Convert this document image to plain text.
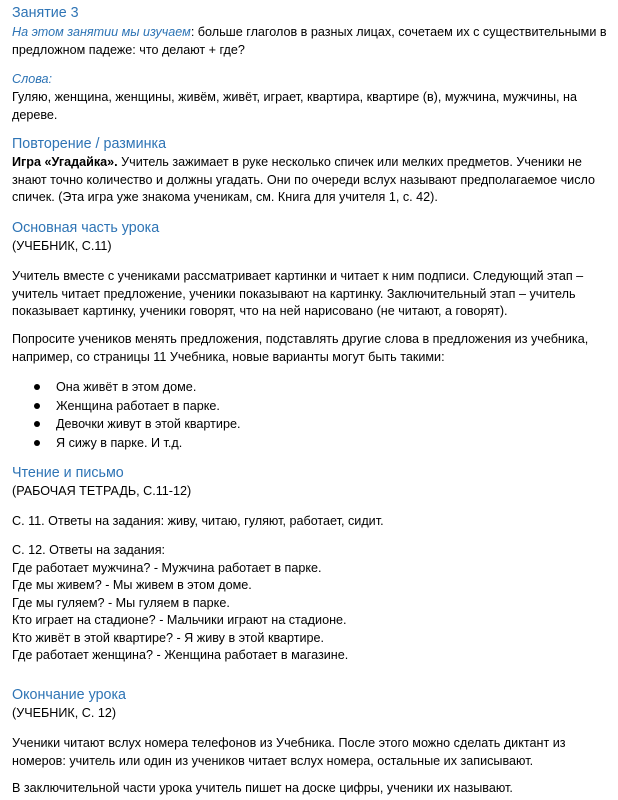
Занятие 3

На этом занятии мы изучаем: больше глаголов в разных лицах, сочетаем их с существительными в предложном падеже: что делают + где?

Слова:

Гуляю, женщина, женщины, живём, живёт, играет, квартира, квартире (в), мужчина, мужчины, на дереве.

Повторение / разминка

Игра «Угадайка». Учитель зажимает в руке несколько спичек или мелких предметов. Ученики не знают точно количество и должны угадать. Они по очереди вслух называют предполагаемое число спичек. (Эта игра уже знакома ученикам, см. Книга для учителя 1, с. 42).

Основная часть урока
(УЧЕБНИК, С.11)

Учитель вместе с учениками рассматривает картинки и читает к ним подписи. Следующий этап – учитель читает предложение, ученики показывают на картинку. Заключительный этап – учитель показывает картинку, ученики говорят, что на ней нарисовано (не читают, а говорят).

Попросите учеников менять предложения, подставлять другие слова в предложения из учебника, например, со страницы 11 Учебника, новые варианты могут быть такими:

Она живёт в этом доме.
Женщина работает в парке.
Девочки живут в этой квартире.
Я сижу в парке. И т.д.
Чтение и письмо
(РАБОЧАЯ ТЕТРАДЬ, С.11-12)

С. 11. Ответы на задания: живу, читаю, гуляют, работает, сидит.

С. 12. Ответы на задания:
Где работает мужчина? - Мужчина работает в парке.
Где мы живем? - Мы живем в этом доме.
Где мы гуляем? - Мы гуляем в парке.
Кто играет на стадионе? - Мальчики играют на стадионе.
Кто живёт в этой квартире? - Я живу в этой квартире.
Где работает женщина? - Женщина работает в магазине.
Окончание урока
(УЧЕБНИК, С. 12)

Ученики читают вслух номера телефонов из Учебника. После этого можно сделать диктант из номеров: учитель или один из учеников читает вслух номера, остальные их записывают.

В заключительной части урока учитель пишет на доске цифры, ученики их называют.
